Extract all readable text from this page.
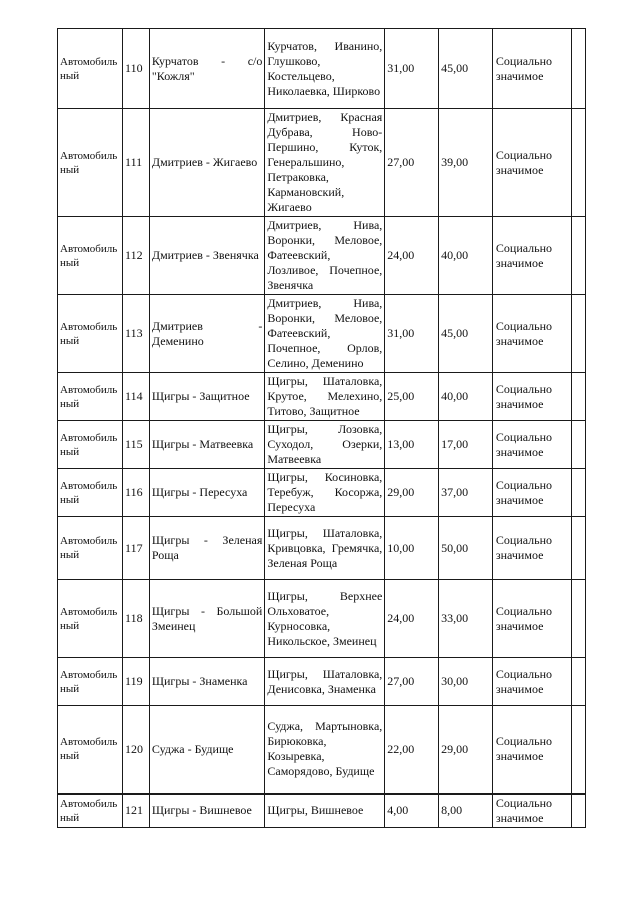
Автомобильный	110	Курчатов - с/о "Кожля"	Курчатов, Иванино, Глушково, Костельцево, Николаевка, Ширково	31,00	45,00	Социально значимое	
Автомобильный	111	Дмитриев - Жигаево	Дмитриев, Красная Дубрава, Ново-Першино, Куток, Генеральшино, Петраковка, Кармановский, Жигаево	27,00	39,00	Социально значимое	
Автомобильный	112	Дмитриев - Звенячка	Дмитриев, Нива, Воронки, Меловое, Фатеевский, Лозливое, Почепное, Звенячка	24,00	40,00	Социально значимое	
Автомобильный	113	Дмитриев - Деменино	Дмитриев, Нива, Воронки, Меловое, Фатеевский, Почепное, Орлов, Селино, Деменино	31,00	45,00	Социально значимое	
Автомобильный	114	Щигры - Защитное	Щигры, Шаталовка, Крутое, Мелехино, Титово, Защитное	25,00	40,00	Социально значимое	
Автомобильный	115	Щигры - Матвеевка	Щигры, Лозовка, Суходол, Озерки, Матвеевка	13,00	17,00	Социально значимое	
Автомобильный	116	Щигры - Пересуха	Щигры, Косиновка, Теребуж, Косоржа, Пересуха	29,00	37,00	Социально значимое	
Автомобильный	117	Щигры - Зеленая Роща	Щигры, Шаталовка, Кривцовка, Гремячка, Зеленая Роща	10,00	50,00	Социально значимое	
Автомобильный	118	Щигры - Большой Змеинец	Щигры, Верхнее Ольховатое, Курносовка, Никольское, Змеинец	24,00	33,00	Социально значимое	
Автомобильный	119	Щигры - Знаменка	Щигры, Шаталовка, Денисовка, Знаменка	27,00	30,00	Социально значимое	
Автомобильный	120	Суджа - Будище	Суджа, Мартыновка, Бирюковка, Козыревка, Саморядово, Будище	22,00	29,00	Социально значимое	
Автомобильный	121	Щигры - Вишневое	Щигры, Вишневое	4,00	8,00	Социально значимое	
